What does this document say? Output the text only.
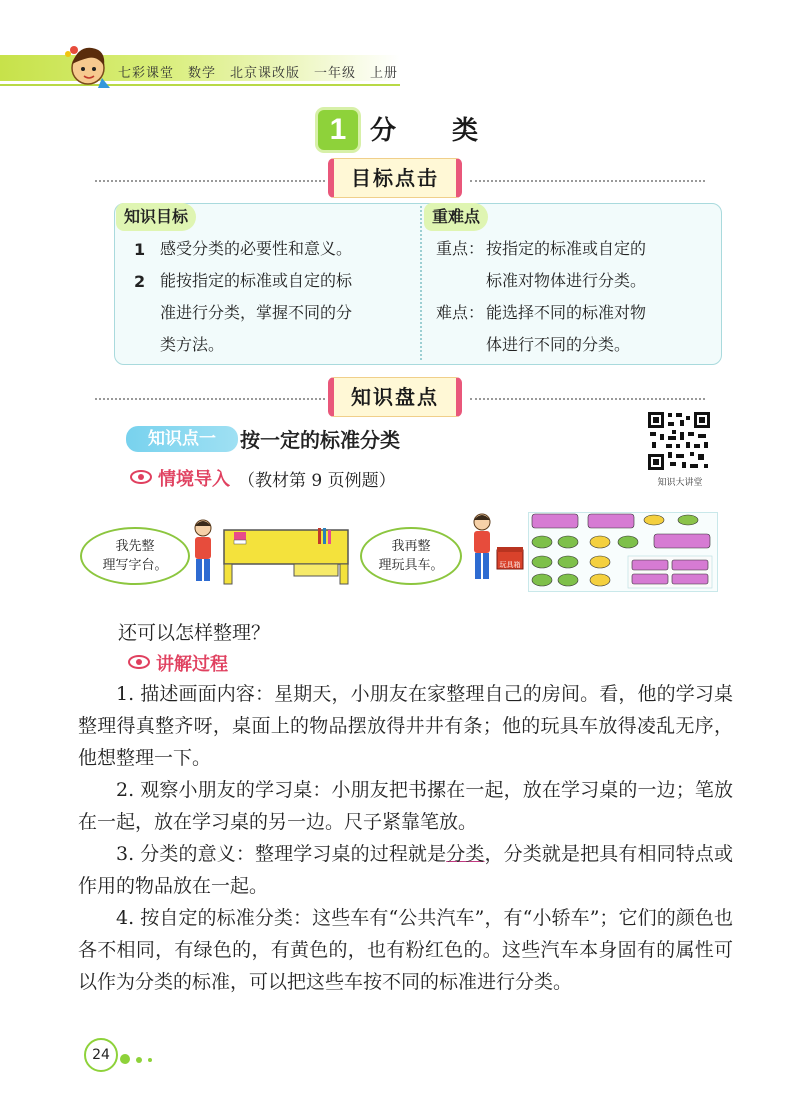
七彩课堂　数学　北京课改版　一年级　上册
1 分类
目标点击
知识目标	重难点
1 感受分类的必要性和意义。
2 能按指定的标准或自定的标
准进行分类，掌握不同的分
类方法。
重点： 按指定的标准或自定的
标准对物体进行分类。
难点： 能选择不同的标准对物
体进行不同的分类。
知识盘点
知识点一	按一定的标准分类
知识大讲堂
情境导入 （教材第 9 页例题）
我先整
理写字台。
我再整
理玩具车。	玩具箱
还可以怎样整理？
讲解过程

1. 描述画面内容：星期天，小朋友在家整理自己的房间。看，他的学习桌整理得真整齐呀，桌面上的物品摆放得井井有条；他的玩具车放得凌乱无序，他想整理一下。

2. 观察小朋友的学习桌：小朋友把书摞在一起，放在学习桌的一边；笔放在一起，放在学习桌的另一边。尺子紧靠笔放。

3. 分类的意义：整理学习桌的过程就是分类，分类就是把具有相同特点或作用的物品放在一起。

4. 按自定的标准分类：这些车有“公共汽车”，有“小轿车”；它们的颜色也各不相同，有绿色的，有黄色的，也有粉红色的。这些汽车本身固有的属性可以作为分类的标准，可以把这些车按不同的标准进行分类。

24
